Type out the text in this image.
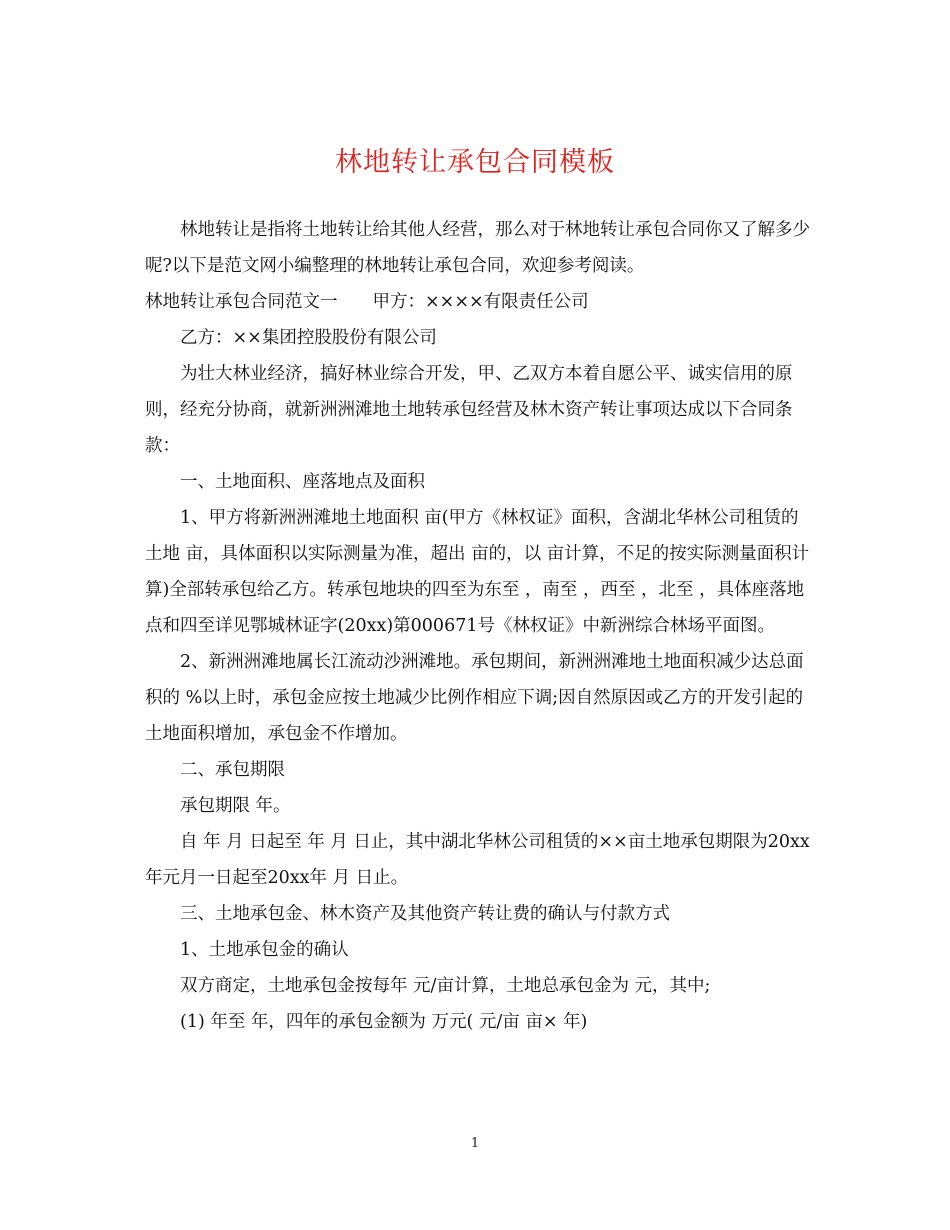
林地转让承包合同模板

林地转让是指将土地转让给其他人经营，那么对于林地转让承包合同你又了解多少呢?以下是范文网小编整理的林地转让承包合同，欢迎参考阅读。

林地转让承包合同范文一　　甲方：××××有限责任公司

乙方：××集团控股股份有限公司

为壮大林业经济，搞好林业综合开发，甲、乙双方本着自愿公平、诚实信用的原则，经充分协商，就新洲洲滩地土地转承包经营及林木资产转让事项达成以下合同条款：

一、土地面积、座落地点及面积

1、甲方将新洲洲滩地土地面积 亩(甲方《林权证》面积，含湖北华林公司租赁的土地 亩，具体面积以实际测量为准，超出 亩的，以 亩计算，不足的按实际测量面积计算)全部转承包给乙方。转承包地块的四至为东至 ，南至 ，西至 ，北至 ，具体座落地点和四至详见鄂城林证字(20xx)第000671号《林权证》中新洲综合林场平面图。

2、新洲洲滩地属长江流动沙洲滩地。承包期间，新洲洲滩地土地面积减少达总面积的 %以上时，承包金应按土地减少比例作相应下调;因自然原因或乙方的开发引起的土地面积增加，承包金不作增加。

二、承包期限

承包期限 年。

自 年 月 日起至 年 月 日止，其中湖北华林公司租赁的××亩土地承包期限为20xx年元月一日起至20xx年 月 日止。

三、土地承包金、林木资产及其他资产转让费的确认与付款方式

1、土地承包金的确认

双方商定，土地承包金按每年 元/亩计算，土地总承包金为 元，其中;

(1) 年至 年，四年的承包金额为 万元( 元/亩 亩× 年)

1
